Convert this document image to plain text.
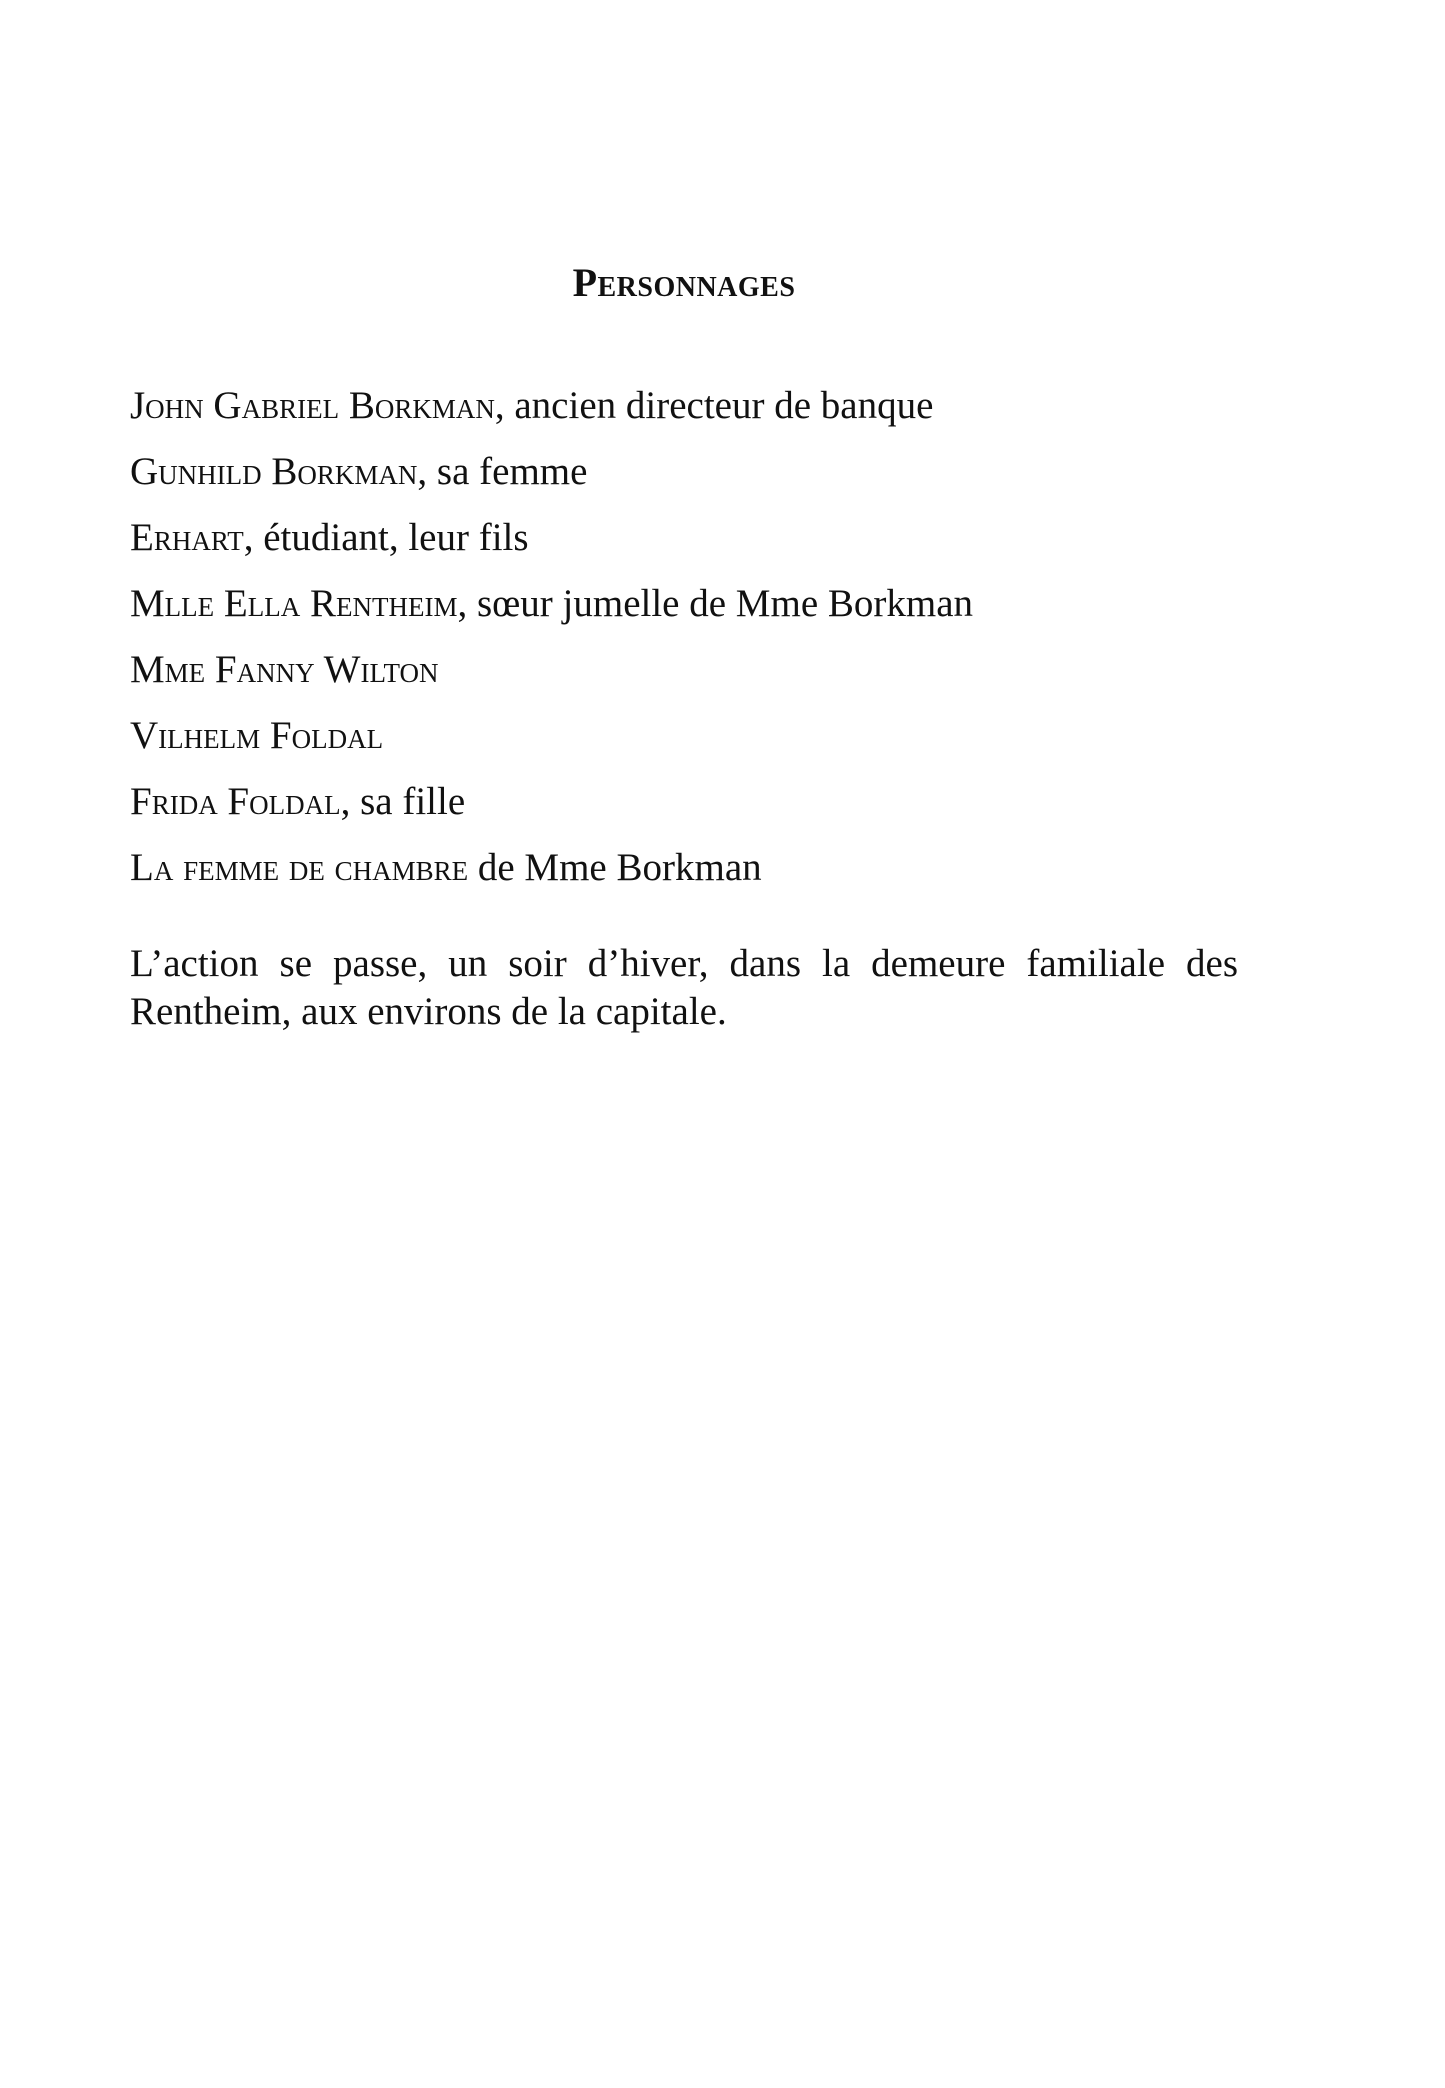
Personnages
John Gabriel Borkman, ancien directeur de banque
Gunhild Borkman, sa femme
Erhart, étudiant, leur fils
Mlle Ella Rentheim, sœur jumelle de Mme Borkman
Mme Fanny Wilton
Vilhelm Foldal
Frida Foldal, sa fille
La femme de chambre de Mme Borkman

L’action se passe, un soir d’hiver, dans la demeure familiale des Rentheim, aux environs de la capitale.
